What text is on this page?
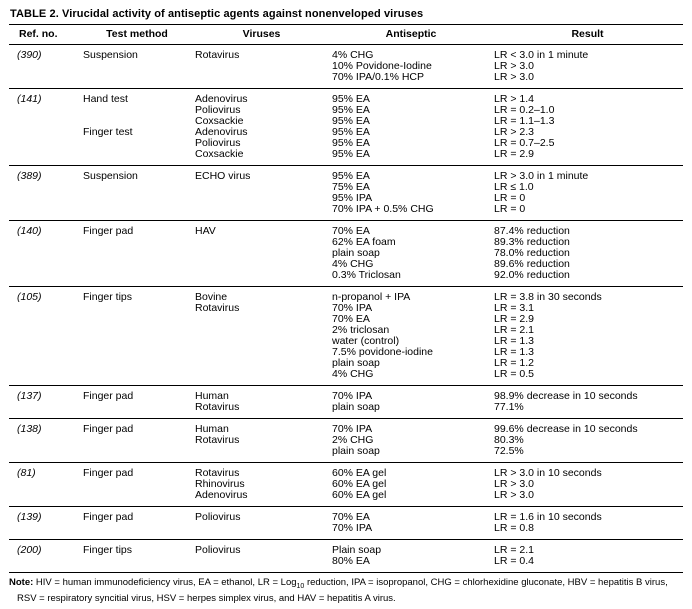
TABLE 2. Virucidal activity of antiseptic agents against nonenveloped viruses
Ref. no.	Test method	Viruses	Antiseptic	Result
(390)	Suspension	Rotavirus	4% CHG	LR < 3.0 in 1 minute
			10% Povidone-Iodine	LR > 3.0
			70% IPA/0.1% HCP	LR > 3.0
(141)	Hand test	Adenovirus	95% EA	LR > 1.4
		Poliovirus	95% EA	LR = 0.2–1.0
		Coxsackie	95% EA	LR = 1.1–1.3
	Finger test	Adenovirus	95% EA	LR > 2.3
		Poliovirus	95% EA	LR = 0.7–2.5
		Coxsackie	95% EA	LR = 2.9
(389)	Suspension	ECHO virus	95% EA	LR > 3.0 in 1 minute
			75% EA	LR ≤ 1.0
			95% IPA	LR = 0
			70% IPA + 0.5% CHG	LR = 0
(140)	Finger pad	HAV	70% EA	87.4% reduction
			62% EA foam	89.3% reduction
			plain soap	78.0% reduction
			4% CHG	89.6% reduction
			0.3% Triclosan	92.0% reduction
(105)	Finger tips	Bovine	n-propanol + IPA	LR = 3.8 in 30 seconds
		Rotavirus	70% IPA	LR = 3.1
			70% EA	LR = 2.9
			2% triclosan	LR = 2.1
			water (control)	LR = 1.3
			7.5% povidone-iodine	LR = 1.3
			plain soap	LR = 1.2
			4% CHG	LR = 0.5
(137)	Finger pad	Human	70% IPA	98.9% decrease in 10 seconds
		Rotavirus	plain soap	77.1%
(138)	Finger pad	Human	70% IPA	99.6% decrease in 10 seconds
		Rotavirus	2% CHG	80.3%
			plain soap	72.5%
(81)	Finger pad	Rotavirus	60% EA gel	LR > 3.0 in 10 seconds
		Rhinovirus	60% EA gel	LR > 3.0
		Adenovirus	60% EA gel	LR > 3.0
(139)	Finger pad	Poliovirus	70% EA	LR = 1.6 in 10 seconds
			70% IPA	LR = 0.8
(200)	Finger tips	Poliovirus	Plain soap	LR = 2.1
			80% EA	LR = 0.4

Note: HIV = human immunodeficiency virus, EA = ethanol, LR = Log$_{10}$ reduction, IPA = isopropanol, CHG = chlorhexidine gluconate, HBV = hepatitis B virus, RSV = respiratory syncitial virus, HSV = herpes simplex virus, and HAV = hepatitis A virus.
